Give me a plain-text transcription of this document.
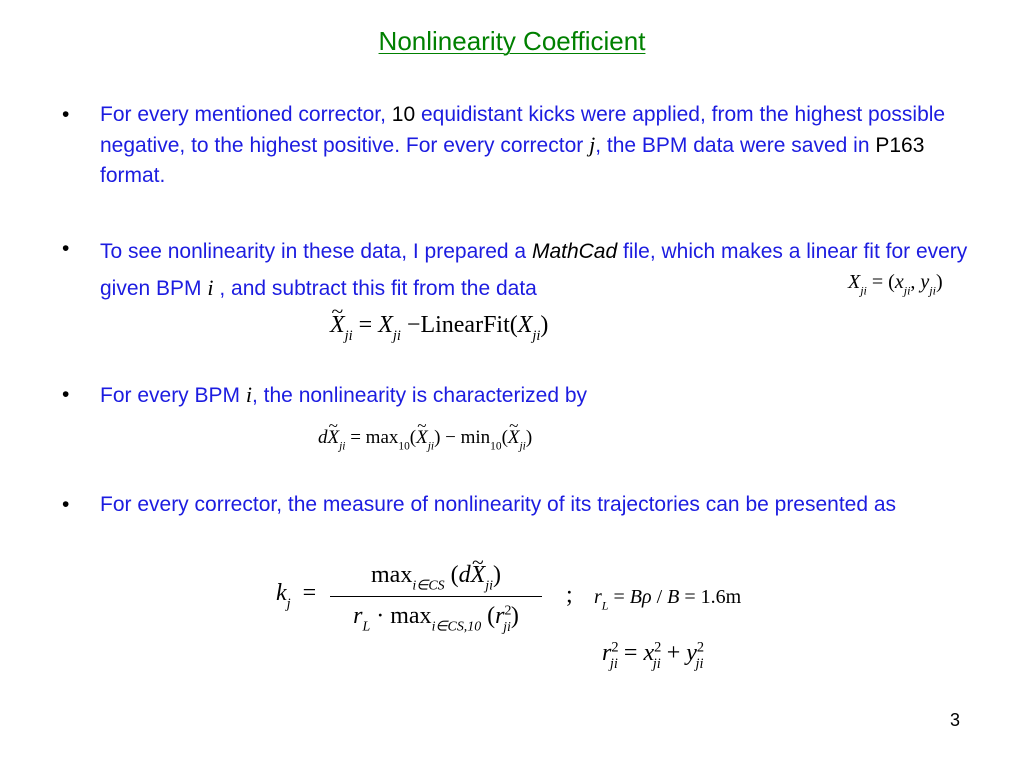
Nonlinearity Coefficient
• For every mentioned corrector, 10 equidistant kicks were applied, from the highest possible negative, to the highest positive. For every corrector j, the BPM data were saved in P163 format.
• To see nonlinearity in these data, I prepared a MathCad file, which makes a linear fit for every given BPM i , and subtract this fit from the data	$X_{ji} = (x_{ji}$, $y_{ji}$)
~ $X_{ji} = X_{ji}$ $-LinearFit(X_{ji})$
• For every BPM i, the nonlinearity is characterized by
d~ $X_{ji}$ = $\max_{10}(\sim$ $X_{ji}$) − $\min_{10}(\sim$ $X_{ji}$)
• For every corrector, the measure of nonlinearity of its trajectories can be presented as
$k_j$ =
$\max_{i\in CS}$ (d~ $X_{ji}$)
$r_L \cdot \max_{i\in CS,10} (r^2_{ji})$
; $r_L = B\rho / B = 1.6m$
$r^2_{ji} = x^2_{ji} + y^2_{ji}$
3
